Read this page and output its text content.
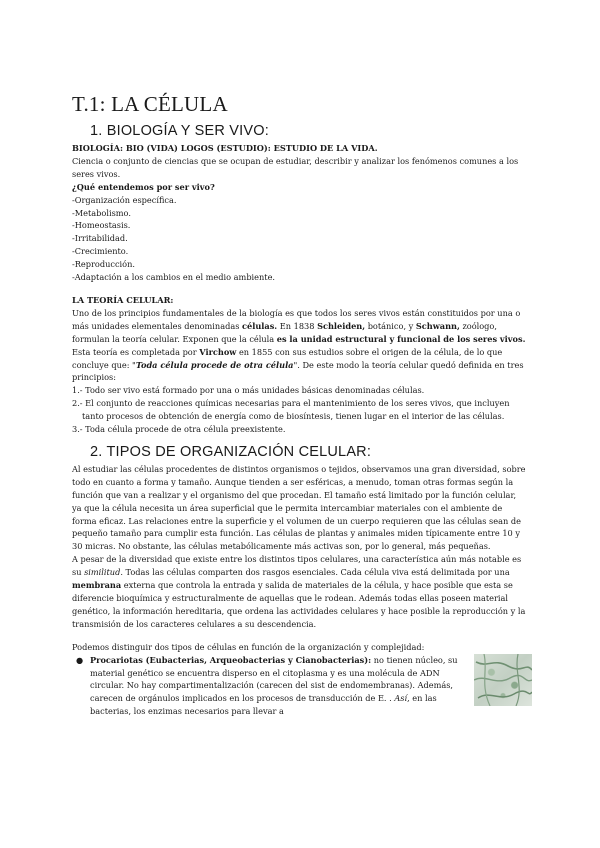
T.1: LA CÉLULA
1. BIOLOGÍA Y SER VIVO:

BIOLOGÍA: BIO (VIDA) LOGOS (ESTUDIO): ESTUDIO DE LA VIDA.

Ciencia o conjunto de ciencias que se ocupan de estudiar, describir y analizar los fenómenos comunes a los seres vivos.

¿Qué entendemos por ser vivo?

-Organización específica.
-Metabolismo.
-Homeostasis.
-Irritabilidad.
-Crecimiento.
-Reproducción.
-Adaptación a los cambios en el medio ambiente.

LA TEORÍA CELULAR:

Uno de los principios fundamentales de la biología es que todos los seres vivos están constituidos por una o más unidades elementales denominadas células. En 1838 Schleiden, botánico, y Schwann, zoólogo, formulan la teoría celular. Exponen que la célula es la unidad estructural y funcional de los seres vivos. Esta teoría es completada por Virchow en 1855 con sus estudios sobre el origen de la célula, de lo que concluye que: "Toda célula procede de otra célula". De este modo la teoría celular quedó definida en tres principios:

1.- Todo ser vivo está formado por una o más unidades básicas denominadas células.
2.- El conjunto de reacciones químicas necesarias para el mantenimiento de los seres vivos, que incluyen tanto procesos de obtención de energía como de biosíntesis, tienen lugar en el interior de las células.
3.- Toda célula procede de otra célula preexistente.
2. TIPOS DE ORGANIZACIÓN CELULAR:

Al estudiar las células procedentes de distintos organismos o tejidos, observamos una gran diversidad, sobre todo en cuanto a forma y tamaño. Aunque tienden a ser esféricas, a menudo, toman otras formas según la función que van a realizar y el organismo del que procedan. El tamaño está limitado por la función celular, ya que la célula necesita un área superficial que le permita intercambiar materiales con el ambiente de forma eficaz. Las relaciones entre la superficie y el volumen de un cuerpo requieren que las células sean de pequeño tamaño para cumplir esta función. Las células de plantas y animales miden típicamente entre 10 y 30 micras. No obstante, las células metabólicamente más activas son, por lo general, más pequeñas.

A pesar de la diversidad que existe entre los distintos tipos celulares, una característica aún más notable es su similitud. Todas las células comparten dos rasgos esenciales. Cada célula viva está delimitada por una membrana externa que controla la entrada y salida de materiales de la célula, y hace posible que esta se diferencie bioquímica y estructuralmente de aquellas que le rodean. Además todas ellas poseen material genético, la información hereditaria, que ordena las actividades celulares y hace posible la reproducción y la transmisión de los caracteres celulares a su descendencia.

Podemos distinguir dos tipos de células en función de la organización y complejidad:

● Procariotas (Eubacterias, Arqueobacterias y Cianobacterias): no tienen núcleo, su material genético se encuentra disperso en el citoplasma y es una molécula de ADN circular. No hay compartimentalización (carecen del sist de endomembranas). Además, carecen de orgánulos implicados en los procesos de transducción de E. . Así, en las bacterias, los enzimas necesarios para llevar a
